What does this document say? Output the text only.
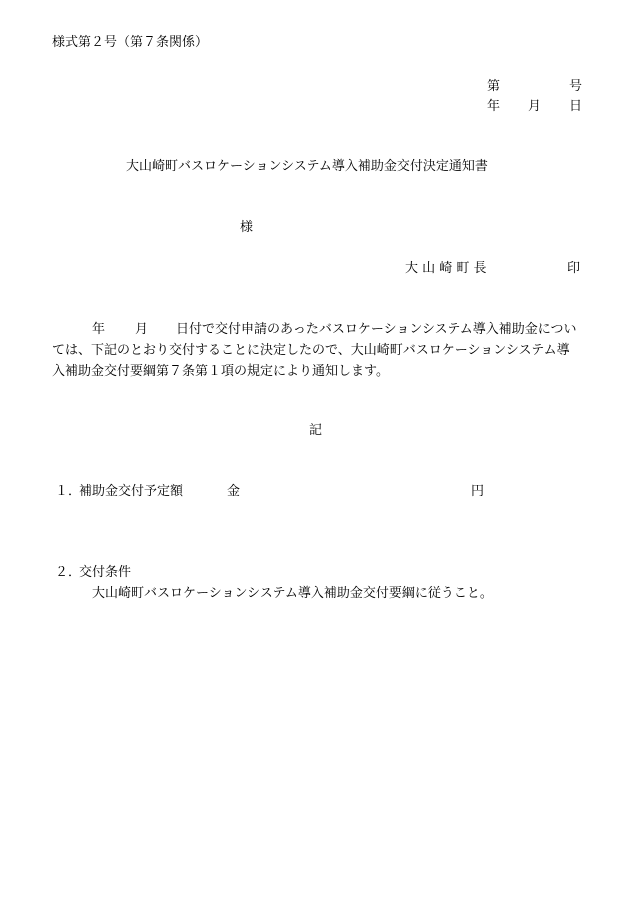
様式第２号（第７条関係）
第	号
年 月 日
大山崎町バスロケーションシステム導入補助金交付決定通知書
様
大 山 崎 町 長	印
年 月 日付で交付申請のあったバスロケーションシステム導入補助金については、下記のとおり交付することに決定したので、大山崎町バスロケーションシステム導入補助金交付要綱第７条第１項の規定により通知します。
記
１．
補助金交付予定額	金	円
２．
交付条件
大山崎町バスロケーションシステム導入補助金交付要綱に従うこと。
